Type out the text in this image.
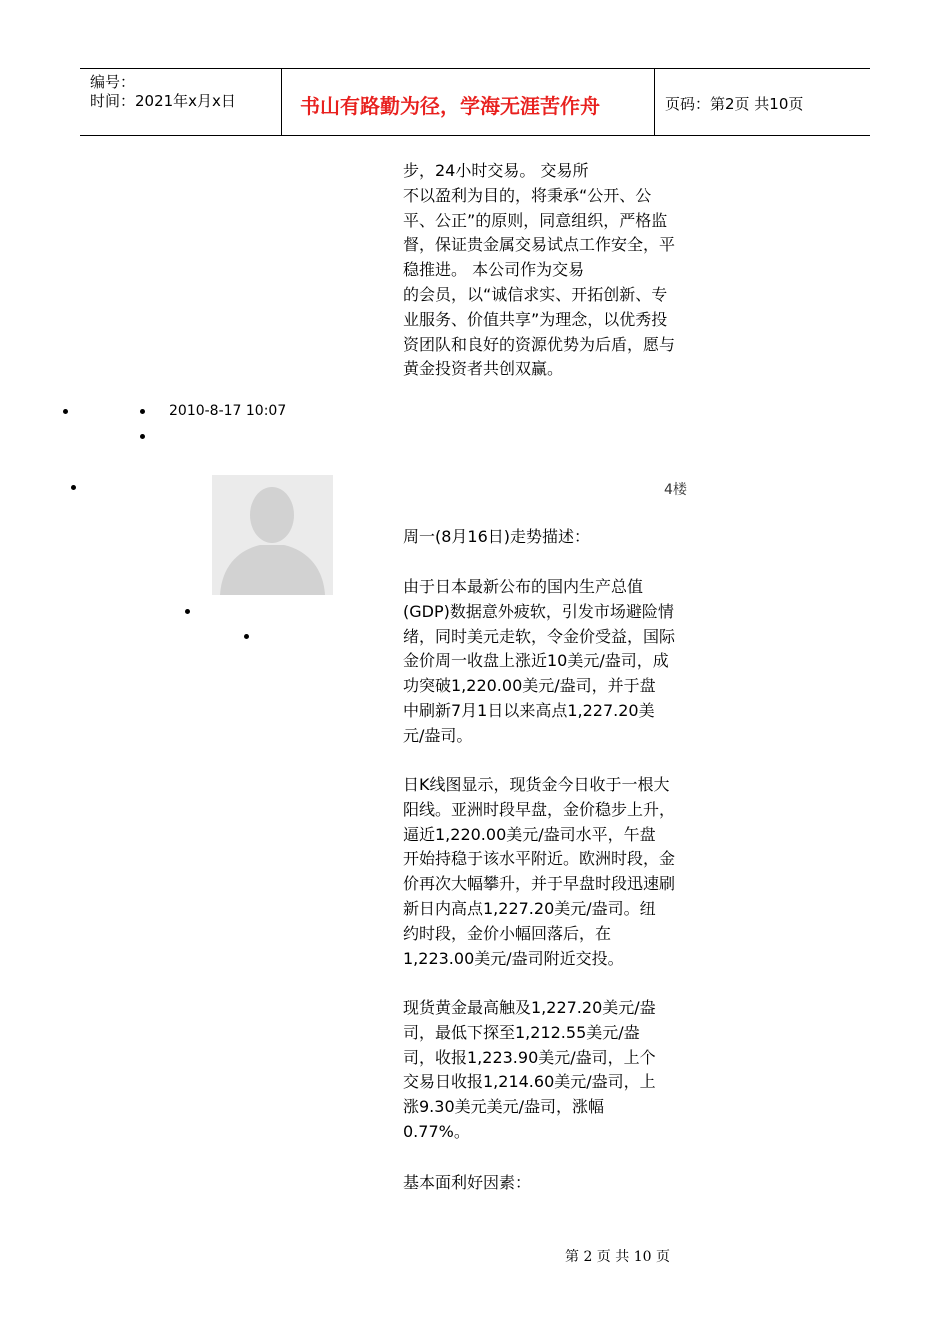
编号：
时间：2021年x月x日	书山有路勤为径，学海无涯苦作舟	页码：第2页 共10页
步，24小时交易。 交易所
不以盈利为目的，将秉承“公开、公
平、公正”的原则，同意组织，严格监
督，保证贵金属交易试点工作安全，平
稳推进。 本公司作为交易
的会员，以“诚信求实、开拓创新、专
业服务、价值共享”为理念，以优秀投
资团队和良好的资源优势为后盾，愿与
黄金投资者共创双赢。
2010-8-17 10:07
4楼
周一(8月16日)走势描述：
由于日本最新公布的国内生产总值
(GDP)数据意外疲软，引发市场避险情
绪，同时美元走软，令金价受益，国际
金价周一收盘上涨近10美元/盎司，成
功突破1,220.00美元/盎司，并于盘
中刷新7月1日以来高点1,227.20美
元/盎司。
日K线图显示，现货金今日收于一根大
阳线。亚洲时段早盘，金价稳步上升，
逼近1,220.00美元/盎司水平，午盘
开始持稳于该水平附近。欧洲时段，金
价再次大幅攀升，并于早盘时段迅速刷
新日内高点1,227.20美元/盎司。纽
约时段，金价小幅回落后，在
1,223.00美元/盎司附近交投。
现货黄金最高触及1,227.20美元/盎
司，最低下探至1,212.55美元/盎
司，收报1,223.90美元/盎司，上个
交易日收报1,214.60美元/盎司，上
涨9.30美元美元/盎司，涨幅
0.77%。
基本面利好因素：
第 2 页 共 10 页
